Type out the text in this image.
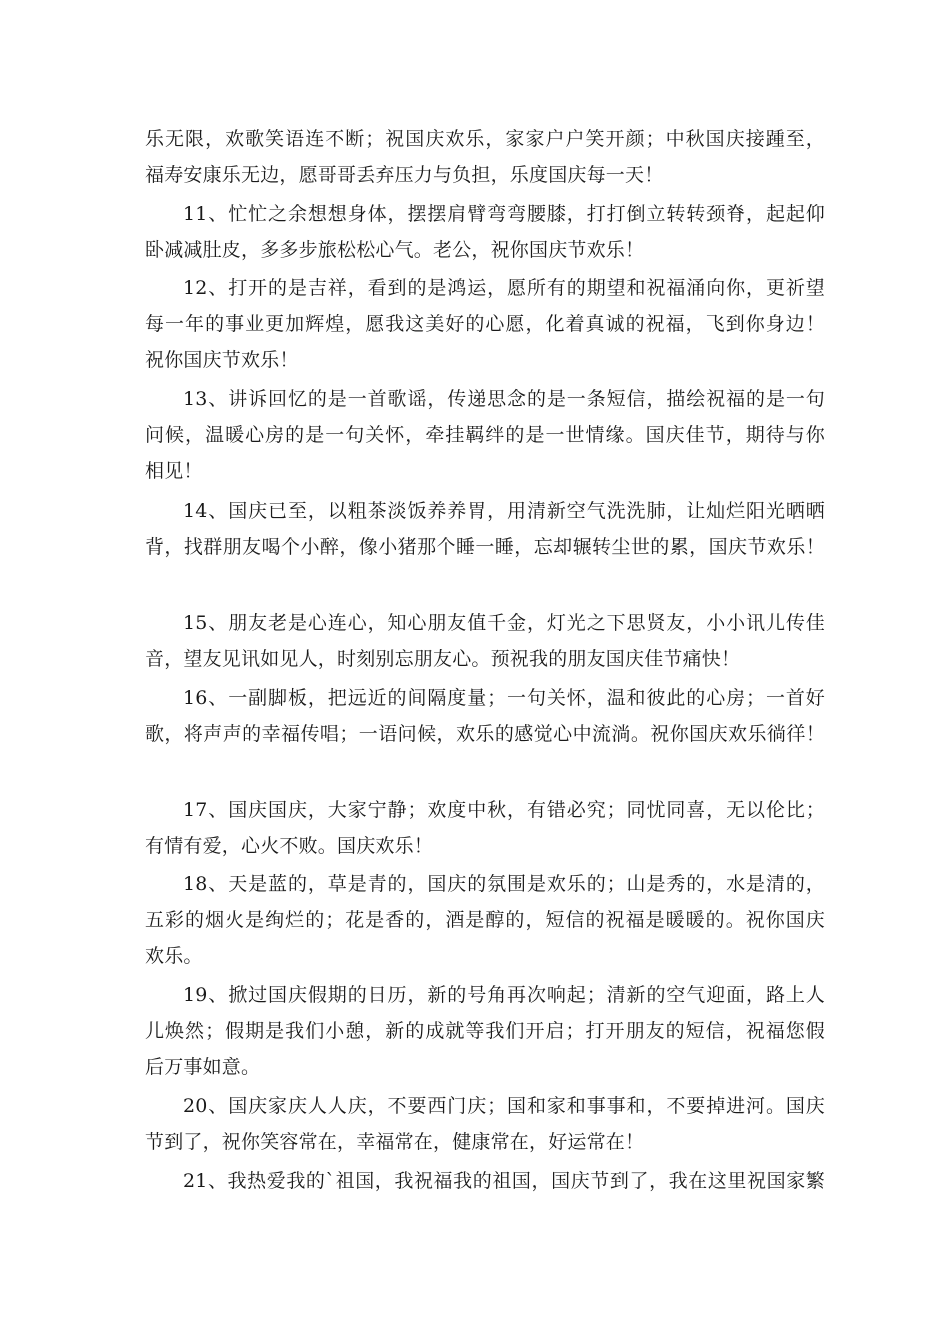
乐无限，欢歌笑语连不断；祝国庆欢乐，家家户户笑开颜；中秋国庆接踵至，
福寿安康乐无边，愿哥哥丢弃压力与负担，乐度国庆每一天！
11、忙忙之余想想身体，摆摆肩臂弯弯腰膝，打打倒立转转颈脊，起起仰
卧减减肚皮，多多步旅松松心气。老公，祝你国庆节欢乐！
12、打开的是吉祥，看到的是鸿运，愿所有的期望和祝福涌向你，更祈望
每一年的事业更加辉煌，愿我这美好的心愿，化着真诚的祝福，飞到你身边！
祝你国庆节欢乐！
13、讲诉回忆的是一首歌谣，传递思念的是一条短信，描绘祝福的是一句
问候，温暖心房的是一句关怀，牵挂羁绊的是一世情缘。国庆佳节，期待与你
相见！
14、国庆已至，以粗茶淡饭养养胃，用清新空气洗洗肺，让灿烂阳光晒晒
背，找群朋友喝个小醉，像小猪那个睡一睡，忘却辗转尘世的累，国庆节欢乐！
15、朋友老是心连心，知心朋友值千金，灯光之下思贤友，小小讯儿传佳
音，望友见讯如见人，时刻别忘朋友心。预祝我的朋友国庆佳节痛快！
16、一副脚板，把远近的间隔度量；一句关怀，温和彼此的心房；一首好
歌，将声声的幸福传唱；一语问候，欢乐的感觉心中流淌。祝你国庆欢乐徜徉！
17、国庆国庆，大家宁静；欢度中秋，有错必究；同忧同喜，无以伦比；
有情有爱，心火不败。国庆欢乐！
18、天是蓝的，草是青的，国庆的氛围是欢乐的；山是秀的，水是清的，
五彩的烟火是绚烂的；花是香的，酒是醇的，短信的祝福是暖暖的。祝你国庆
欢乐。
19、掀过国庆假期的日历，新的号角再次响起；清新的空气迎面，路上人
儿焕然；假期是我们小憩，新的成就等我们开启；打开朋友的短信，祝福您假
后万事如意。
20、国庆家庆人人庆，不要西门庆；国和家和事事和，不要掉进河。国庆
节到了，祝你笑容常在，幸福常在，健康常在，好运常在！
21、我热爱我的`祖国，我祝福我的祖国，国庆节到了，我在这里祝国家繁
